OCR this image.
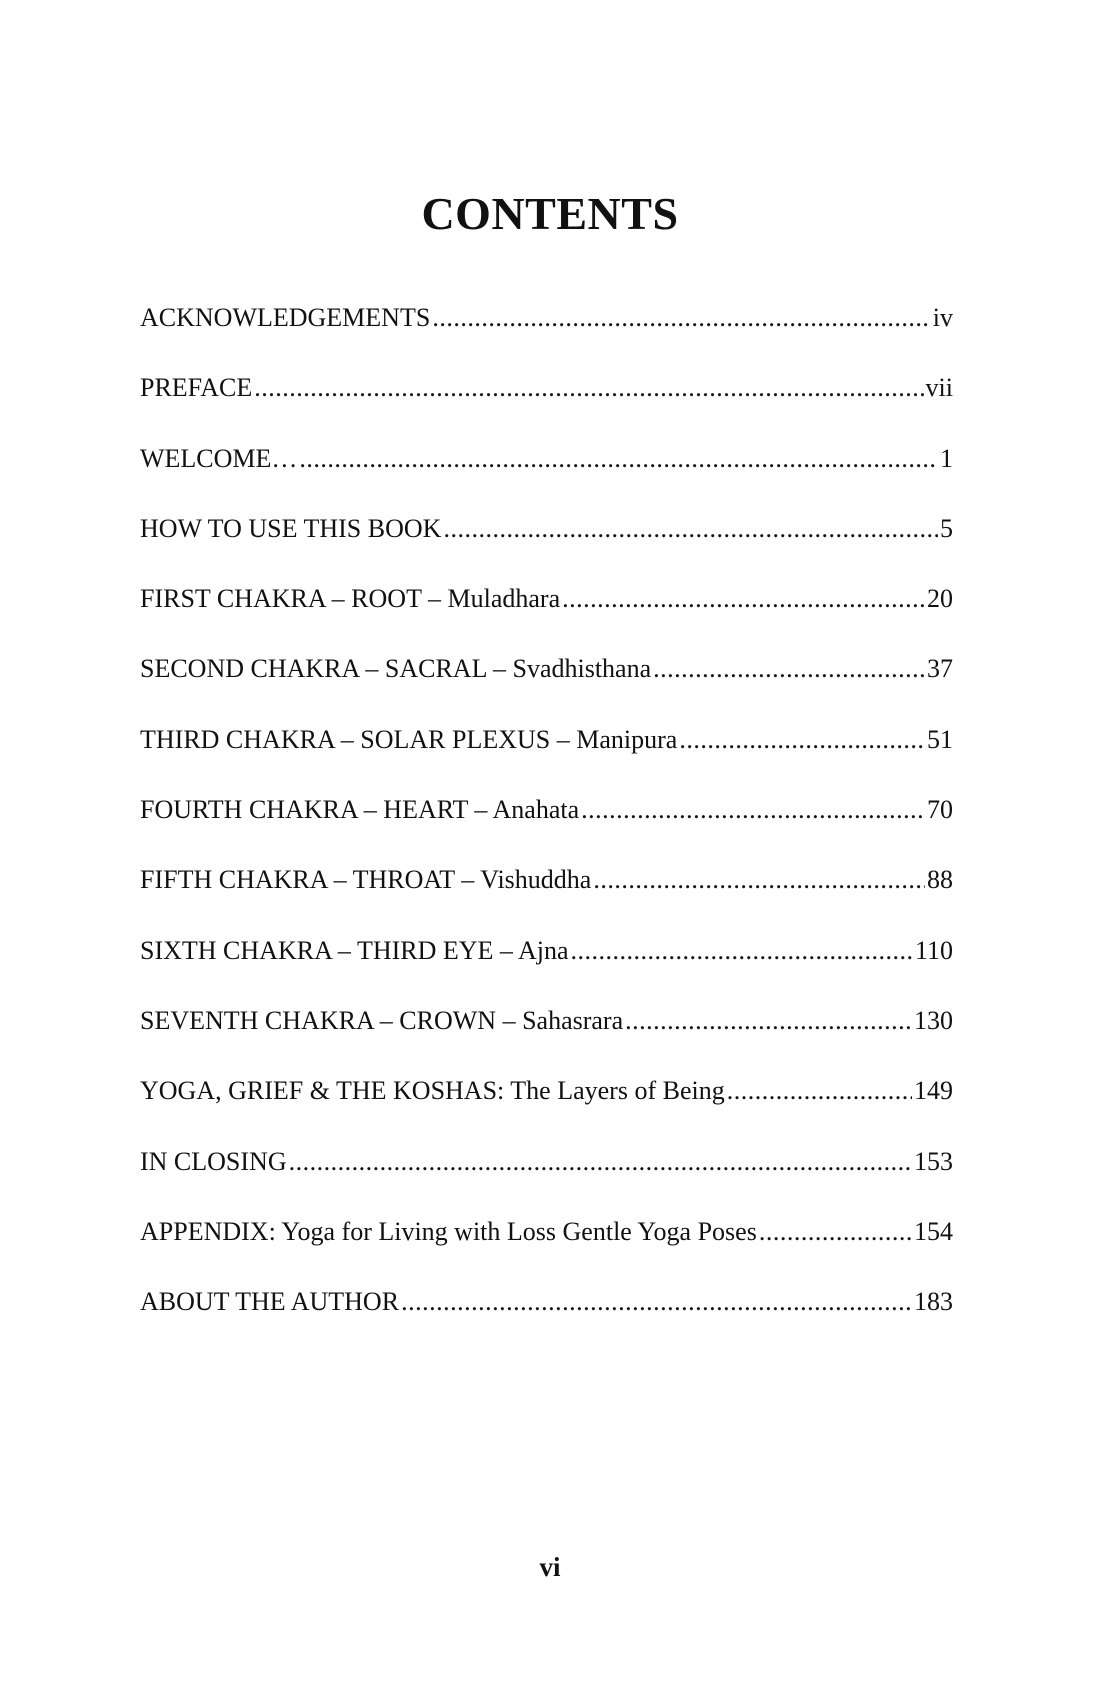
CONTENTS
ACKNOWLEDGEMENTS .....	iv
PREFACE .....	vii
WELCOME… .....	1
HOW TO USE THIS BOOK .....	5
FIRST CHAKRA – ROOT – Muladhara .....	20
SECOND CHAKRA – SACRAL – Svadhisthana .....	37
THIRD CHAKRA – SOLAR PLEXUS – Manipura .....	51
FOURTH CHAKRA – HEART – Anahata .....	70
FIFTH CHAKRA – THROAT – Vishuddha .....	88
SIXTH CHAKRA – THIRD EYE – Ajna .....	110
SEVENTH CHAKRA – CROWN – Sahasrara .....	130
YOGA, GRIEF & THE KOSHAS: The Layers of Being .....	149
IN CLOSING .....	153
APPENDIX: Yoga for Living with Loss Gentle Yoga Poses .....	154
ABOUT THE AUTHOR .....	183
vi
